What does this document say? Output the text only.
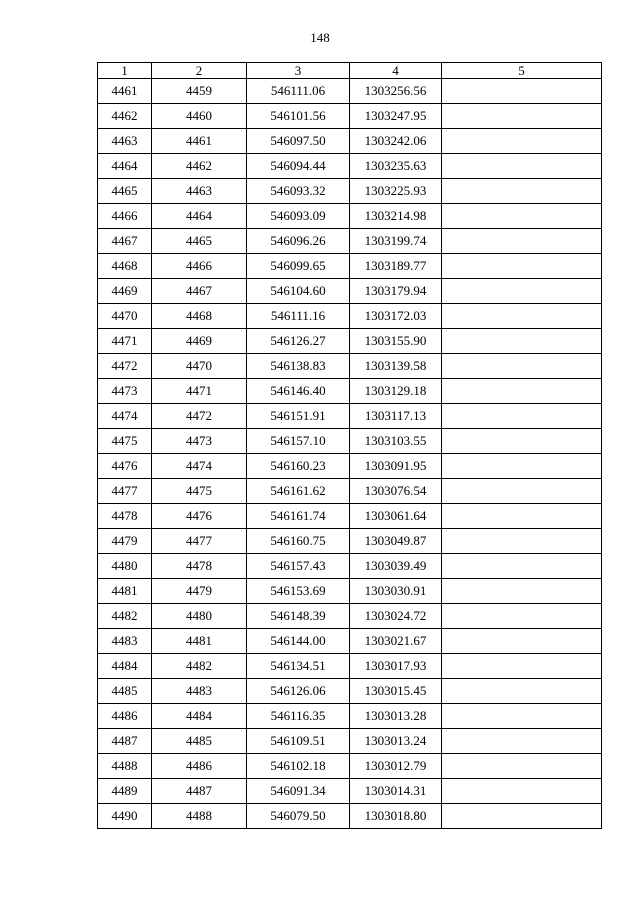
148
1	2	3	4	5
4461	4459	546111.06	1303256.56	
4462	4460	546101.56	1303247.95	
4463	4461	546097.50	1303242.06	
4464	4462	546094.44	1303235.63	
4465	4463	546093.32	1303225.93	
4466	4464	546093.09	1303214.98	
4467	4465	546096.26	1303199.74	
4468	4466	546099.65	1303189.77	
4469	4467	546104.60	1303179.94	
4470	4468	546111.16	1303172.03	
4471	4469	546126.27	1303155.90	
4472	4470	546138.83	1303139.58	
4473	4471	546146.40	1303129.18	
4474	4472	546151.91	1303117.13	
4475	4473	546157.10	1303103.55	
4476	4474	546160.23	1303091.95	
4477	4475	546161.62	1303076.54	
4478	4476	546161.74	1303061.64	
4479	4477	546160.75	1303049.87	
4480	4478	546157.43	1303039.49	
4481	4479	546153.69	1303030.91	
4482	4480	546148.39	1303024.72	
4483	4481	546144.00	1303021.67	
4484	4482	546134.51	1303017.93	
4485	4483	546126.06	1303015.45	
4486	4484	546116.35	1303013.28	
4487	4485	546109.51	1303013.24	
4488	4486	546102.18	1303012.79	
4489	4487	546091.34	1303014.31	
4490	4488	546079.50	1303018.80	
